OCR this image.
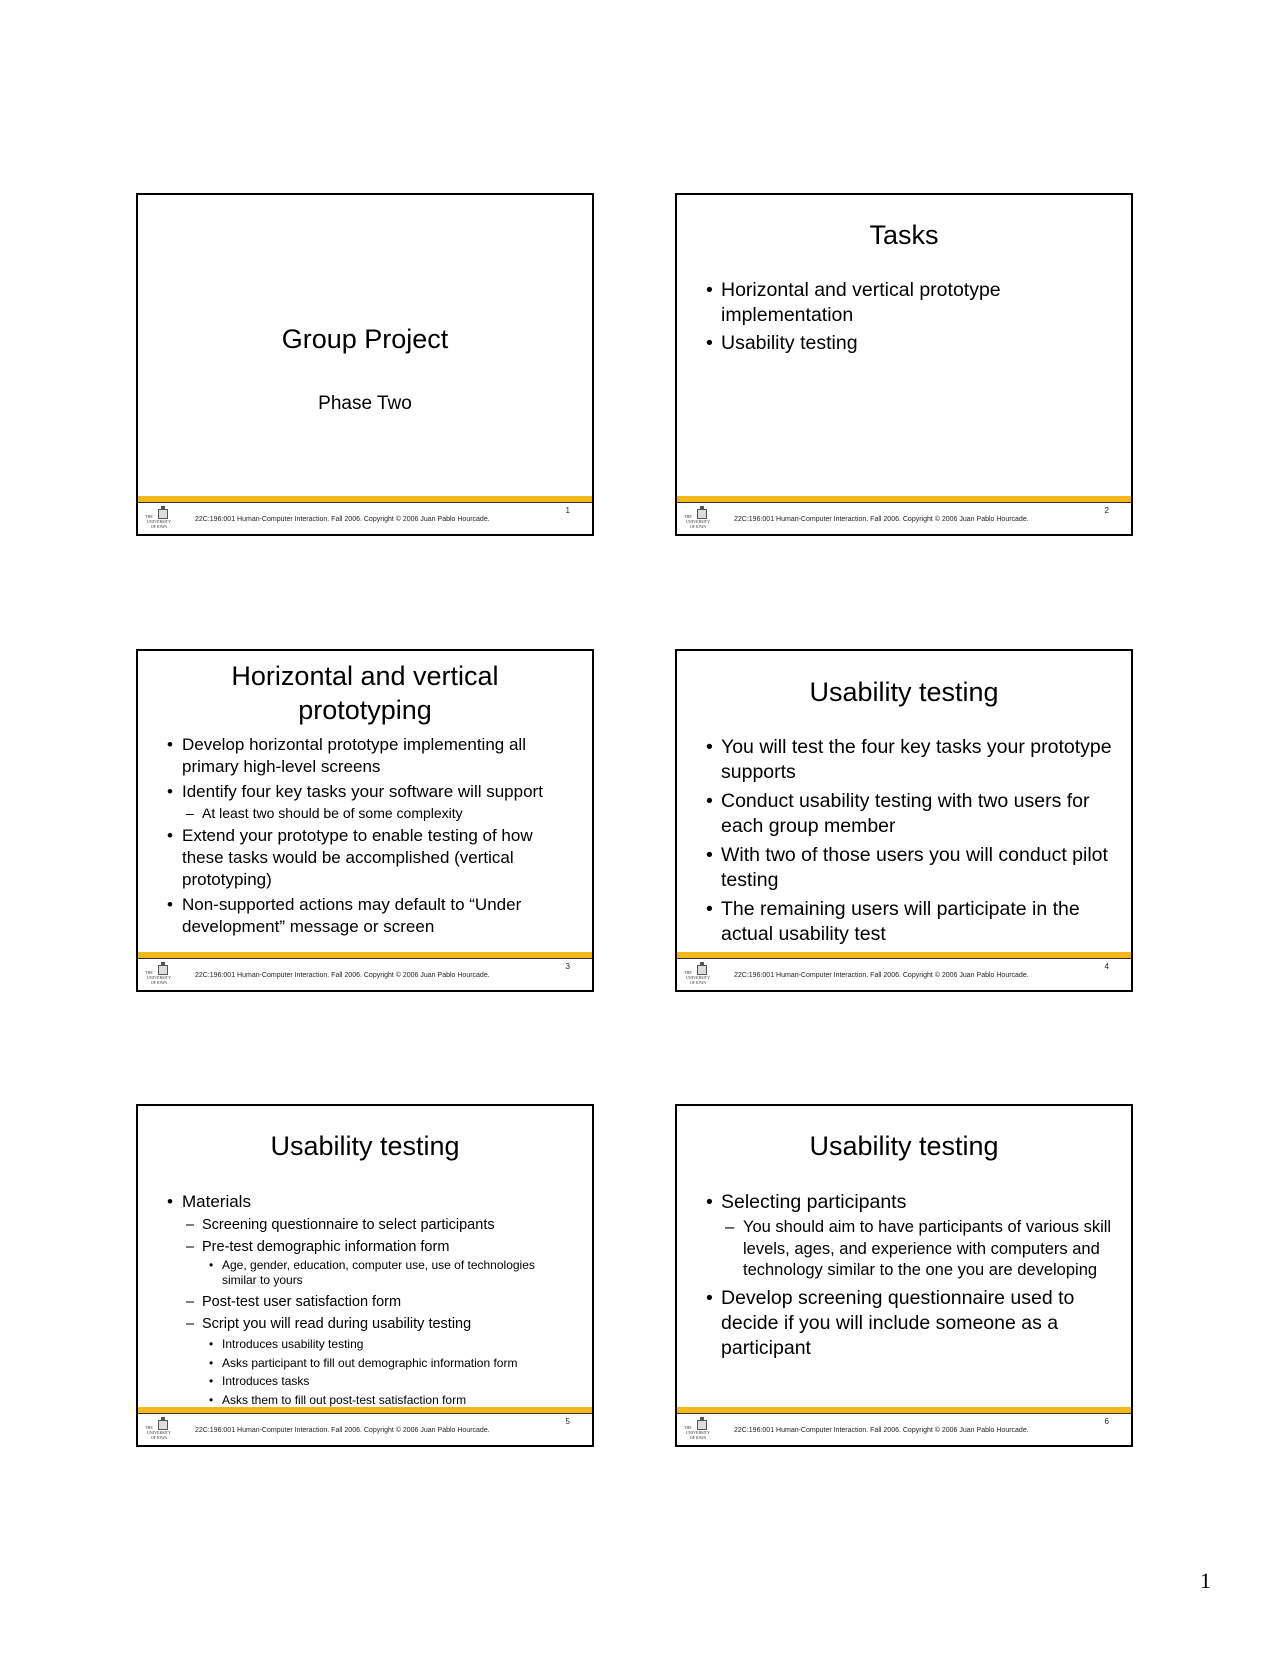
Group Project
Phase Two
THE
UNIVERSITY
OF IOWA
22C:196:001 Human-Computer Interaction. Fall 2006. Copyright © 2006 Juan Pablo Hourcade.
1
Tasks
• Horizontal and vertical prototype implementation
• Usability testing
THE
UNIVERSITY
OF IOWA
22C:196:001 Human-Computer Interaction. Fall 2006. Copyright © 2006 Juan Pablo Hourcade.
2
Horizontal and vertical
prototyping
• Develop horizontal prototype implementing all primary high-level screens
• Identify four key tasks your software will support
– At least two should be of some complexity
• Extend your prototype to enable testing of how these tasks would be accomplished (vertical prototyping)
• Non-supported actions may default to “Under development” message or screen
THE
UNIVERSITY
OF IOWA
22C:196:001 Human-Computer Interaction. Fall 2006. Copyright © 2006 Juan Pablo Hourcade.
3
Usability testing
• You will test the four key tasks your prototype supports
• Conduct usability testing with two users for each group member
• With two of those users you will conduct pilot testing
• The remaining users will participate in the actual usability test
THE
UNIVERSITY
OF IOWA
22C:196:001 Human-Computer Interaction. Fall 2006. Copyright © 2006 Juan Pablo Hourcade.
4
Usability testing
• Materials
– Screening questionnaire to select participants
– Pre-test demographic information form
• Age, gender, education, computer use, use of technologies similar to yours
– Post-test user satisfaction form
– Script you will read during usability testing
• Introduces usability testing
• Asks participant to fill out demographic information form
• Introduces tasks
• Asks them to fill out post-test satisfaction form
THE
UNIVERSITY
OF IOWA
22C:196:001 Human-Computer Interaction. Fall 2006. Copyright © 2006 Juan Pablo Hourcade.
5
Usability testing
• Selecting participants
– You should aim to have participants of various skill levels, ages, and experience with computers and technology similar to the one you are developing
• Develop screening questionnaire used to decide if you will include someone as a participant
THE
UNIVERSITY
OF IOWA
22C:196:001 Human-Computer Interaction. Fall 2006. Copyright © 2006 Juan Pablo Hourcade.
6
1
